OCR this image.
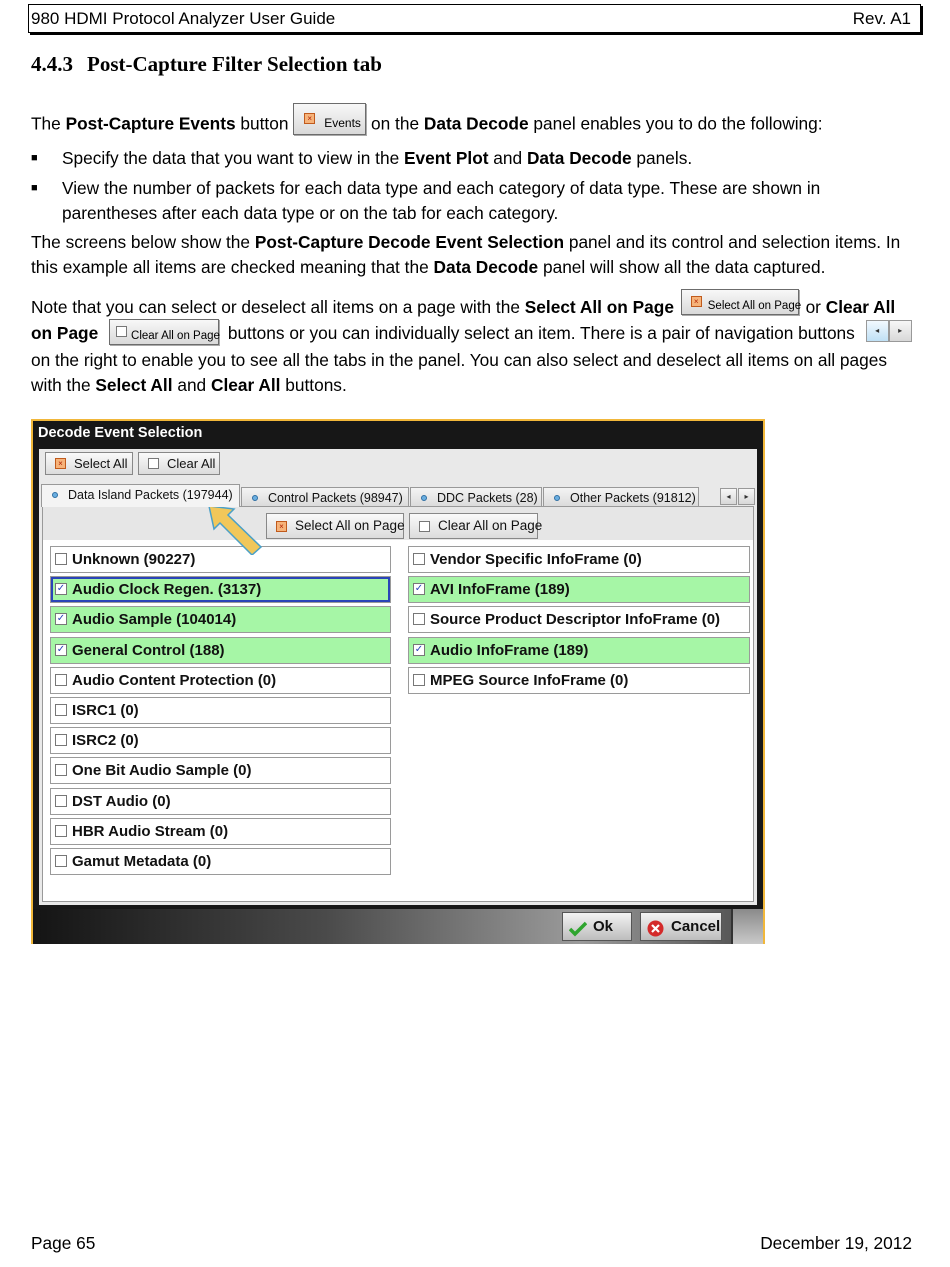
980 HDMI Protocol Analyzer User Guide	Rev. A1
4.4.3 Post-Capture Filter Selection tab
The Post-Capture Events button	× Events on the Data Decode panel enables you to do the following:
■ Specify the data that you want to view in the Event Plot and Data Decode panels.
■ View the number of packets for each data type and each category of data type. These are shown in parentheses after each data type or on the tab for each category.
The screens below show the Post-Capture Decode Event Selection panel and its control and selection items. In this example all items are checked meaning that the Data Decode panel will show all the data captured.
Note that you can select or deselect all items on a page with the Select All on Page	× Select All on Page or Clear All on Page	Clear All on Page buttons or you can individually select an item. There is a pair of navigation buttons	◂	▸

on the right to enable you to see all the tabs in the panel. You can also select and deselect all items on all pages with the Select All and Clear All buttons.
Decode Event Selection
× Select All	Clear All
Data Island Packets (197944)	Control Packets (98947)	DDC Packets (28)	Other Packets (91812)	◂	▸
× Select All on Page	Clear All on Page
Unknown (90227)
✓ Audio Clock Regen. (3137)
✓ Audio Sample (104014)
✓ General Control (188)
Audio Content Protection (0)
ISRC1 (0)
ISRC2 (0)
One Bit Audio Sample (0)
DST Audio (0)
HBR Audio Stream (0)
Gamut Metadata (0)
Vendor Specific InfoFrame (0)
✓ AVI InfoFrame (189)
Source Product Descriptor InfoFrame (0)
✓ Audio InfoFrame (189)
MPEG Source InfoFrame (0)
Ok	Cancel
Page 65	December 19, 2012
